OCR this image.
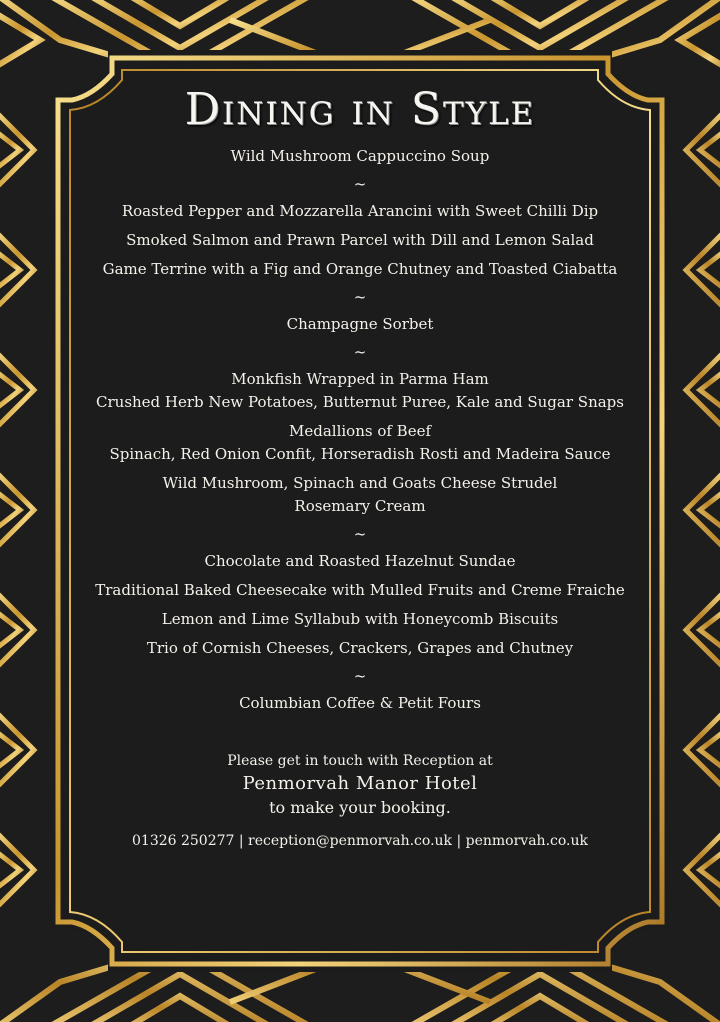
Dining in Style
Wild Mushroom Cappuccino Soup
~
Roasted Pepper and Mozzarella Arancini with Sweet Chilli Dip
Smoked Salmon and Prawn Parcel with Dill and Lemon Salad
Game Terrine with a Fig and Orange Chutney and Toasted Ciabatta
~
Champagne Sorbet
~
Monkfish Wrapped in Parma Ham
Crushed Herb New Potatoes, Butternut Puree, Kale and Sugar Snaps
Medallions of Beef
Spinach, Red Onion Confit, Horseradish Rosti and Madeira Sauce
Wild Mushroom, Spinach and Goats Cheese Strudel
Rosemary Cream
~
Chocolate and Roasted Hazelnut Sundae
Traditional Baked Cheesecake with Mulled Fruits and Creme Fraiche
Lemon and Lime Syllabub with Honeycomb Biscuits
Trio of Cornish Cheeses, Crackers, Grapes and Chutney
~
Columbian Coffee & Petit Fours
Please get in touch with Reception at
Penmorvah Manor Hotel
to make your booking.
01326 250277 | reception@penmorvah.co.uk | penmorvah.co.uk
